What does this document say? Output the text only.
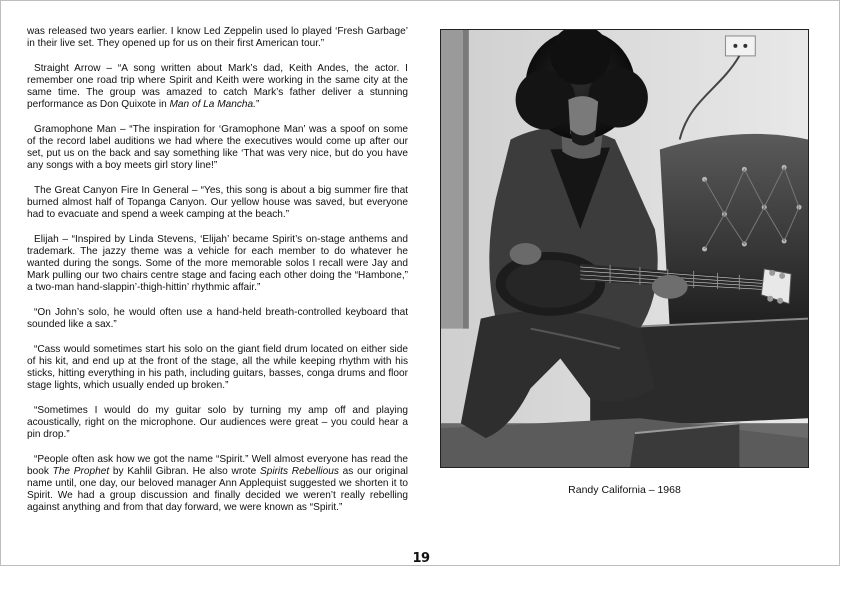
was released two years earlier. I know Led Zeppelin used lo played ‘Fresh Garbage’ in their live set. They opened up for us on their first American tour.”

Straight Arrow – “A song written about Mark’s dad, Keith Andes, the actor. I remember one road trip where Spirit and Keith were working in the same city at the same time. The group was amazed to catch Mark’s father deliver a stunning performance as Don Quixote in Man of La Mancha.”

Gramophone Man – “The inspiration for ‘Gramophone Man’ was a spoof on some of the record label auditions we had where the executives would come up after our set, put us on the back and say something like ‘That was very nice, but do you have any songs with a boy meets girl story line!”

The Great Canyon Fire In General – “Yes, this song is about a big summer fire that burned almost half of Topanga Canyon. Our yellow house was saved, but everyone had to evacuate and spend a week camping at the beach.”

Elijah – “Inspired by Linda Stevens, ‘Elijah’ became Spirit’s on-stage anthems and trademark. The jazzy theme was a vehicle for each member to do whatever he wanted during the songs. Some of the more memorable solos I recall were Jay and Mark pulling our two chairs centre stage and facing each other doing the “Hambone,” a two-man hand-slappin’-thigh-hittin’ rhythmic affair.”

“On John’s solo, he would often use a hand-held breath-controlled keyboard that sounded like a sax.”

“Cass would sometimes start his solo on the giant field drum located on either side of his kit, and end up at the front of the stage, all the while keeping rhythm with his sticks, hitting everything in his path, including guitars, basses, conga drums and floor stage lights, which usually ended up broken.”

“Sometimes I would do my guitar solo by turning my amp off and playing acoustically, right on the microphone. Our audiences were great – you could hear a pin drop.”

“People often ask how we got the name “Spirit.” Well almost everyone has read the book The Prophet by Kahlil Gibran. He also wrote Spirits Rebellious as our original name until, one day, our beloved manager Ann Applequist suggested we shorten it to Spirit. We had a group discussion and finally decided we weren’t really rebelling against anything and from that day forward, we were known as “Spirit.”

Randy California – 1968
19
